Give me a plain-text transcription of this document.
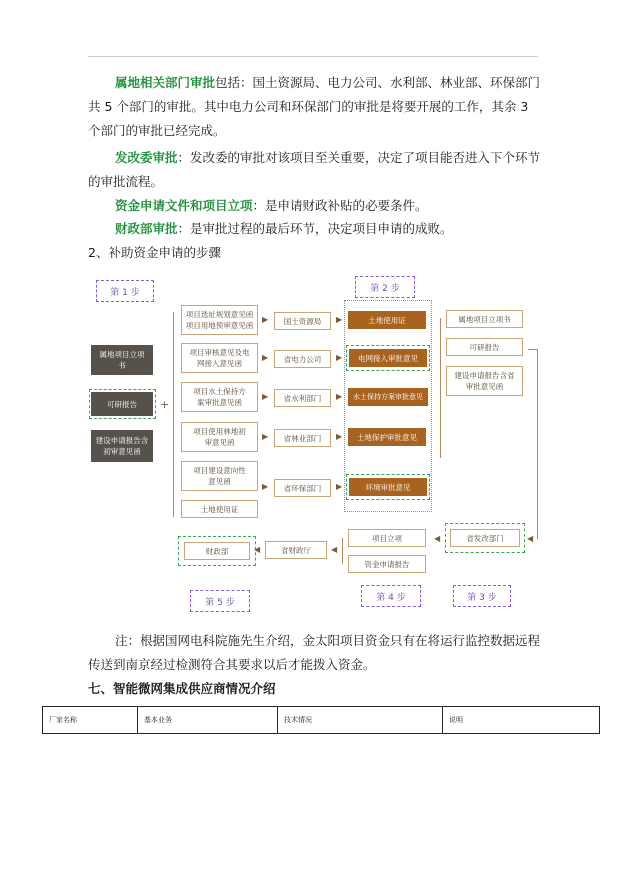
属地相关部门审批包括：国土资源局、电力公司、水利部、林业部、环保部门共 5 个部门的审批。其中电力公司和环保部门的审批是将要开展的工作，其余 3 个部门的审批已经完成。
发改委审批：发改委的审批对该项目至关重要，决定了项目能否进入下个环节的审批流程。
资金申请文件和项目立项：是申请财政补贴的必要条件。
财政部审批：是审批过程的最后环节，决定项目申请的成败。
2、补助资金申请的步骤
第 1 步	第 2 步
第 3 步
第 4 步
第 5 步
属地项目立项书
可研报告
建设申请报告含初审意见函
+
项目选址规划意见函项目用地预审意见函
项目审核意见及电网接入意见函
项目水土保持方案审批意见函
项目使用林地初审意见函
项目建设意向性意见函
土地使用证
▶
▶
▶
▶
▶
国土资源局
省电力公司
省水利部门
省林业部门
省环保部门
▶
▶
▶
▶
▶
土地使用证
电网接入审批意见
水土保持方案审批意见
土地保护审批意见
环境审批意见
属地项目立项书
可研报告
建设申请报告含省审批意见函
◀
省发改部门
◀
项目立项
资金申请报告
◀
省财政厅
◀
财政部
注：根据国网电科院施先生介绍，金太阳项目资金只有在将运行监控数据远程传送到南京经过检测符合其要求以后才能拨入资金。
七、智能微网集成供应商情况介绍
厂家名称	基本业务	技术情况	说明
